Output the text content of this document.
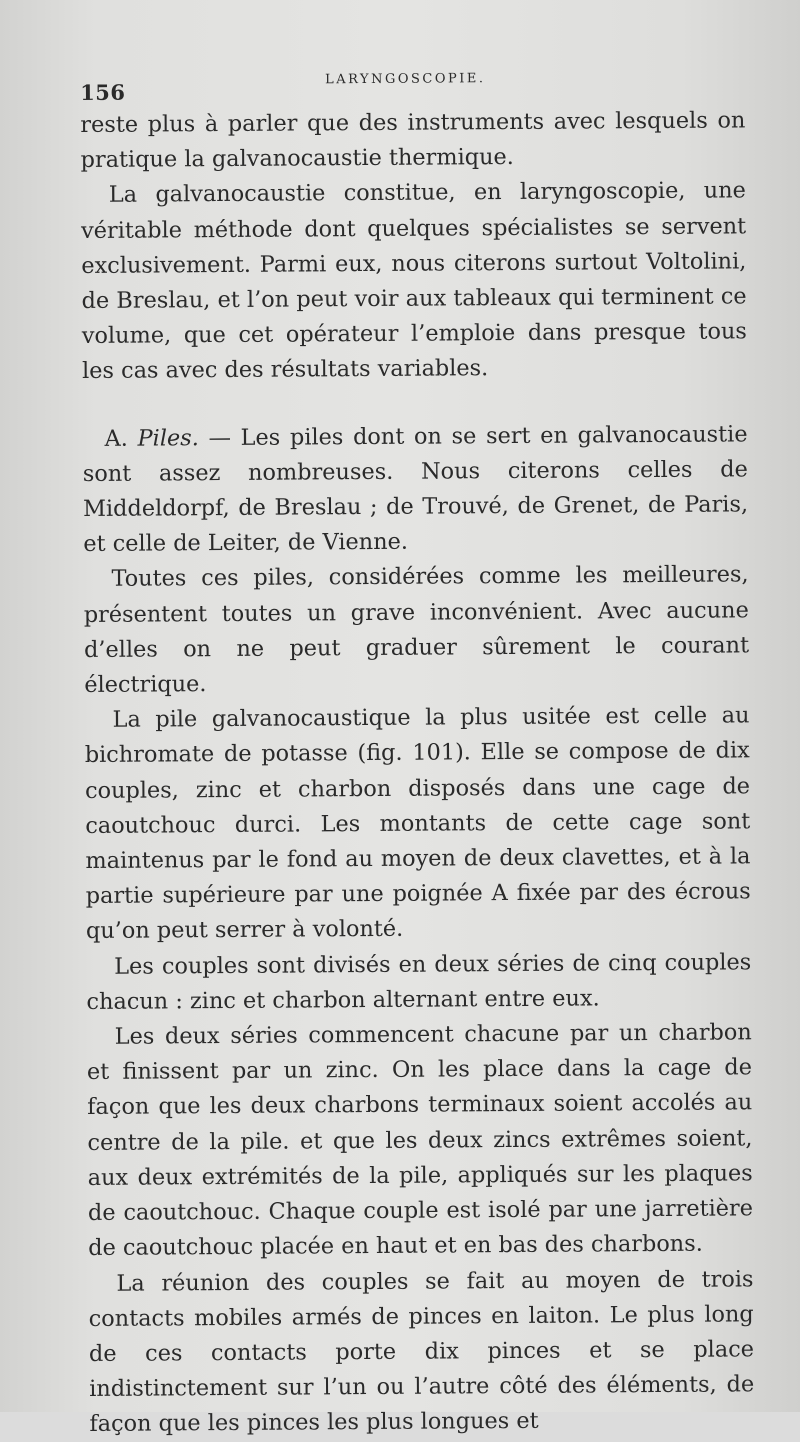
156
LARYNGOSCOPIE.

reste plus à parler que des instruments avec lesquels on pratique la galvanocaustie thermique.

La galvanocaustie constitue, en laryngoscopie, une véritable méthode dont quelques spécialistes se servent exclusivement. Parmi eux, nous citerons surtout Voltolini, de Breslau, et l’on peut voir aux tableaux qui terminent ce volume, que cet opérateur l’emploie dans presque tous les cas avec des résultats variables.

A. Piles. — Les piles dont on se sert en galvanocaustie sont assez nombreuses. Nous citerons celles de Middeldorpf, de Breslau ; de Trouvé, de Grenet, de Paris, et celle de Leiter, de Vienne.

Toutes ces piles, considérées comme les meilleures, présentent toutes un grave inconvénient. Avec aucune d’elles on ne peut graduer sûrement le courant électrique.

La pile galvanocaustique la plus usitée est celle au bichromate de potasse (fig. 101). Elle se compose de dix couples, zinc et charbon disposés dans une cage de caoutchouc durci. Les montants de cette cage sont maintenus par le fond au moyen de deux clavettes, et à la partie supérieure par une poignée A fixée par des écrous qu’on peut serrer à volonté.

Les couples sont divisés en deux séries de cinq couples chacun : zinc et charbon alternant entre eux.

Les deux séries commencent chacune par un charbon et finissent par un zinc. On les place dans la cage de façon que les deux charbons terminaux soient accolés au centre de la pile. et que les deux zincs extrêmes soient, aux deux extrémités de la pile, appliqués sur les plaques de caoutchouc. Chaque couple est isolé par une jarretière de caoutchouc placée en haut et en bas des charbons.

La réunion des couples se fait au moyen de trois contacts mobiles armés de pinces en laiton. Le plus long de ces contacts porte dix pinces et se place indistinctement sur l’un ou l’autre côté des éléments, de façon que les pinces les plus longues et
